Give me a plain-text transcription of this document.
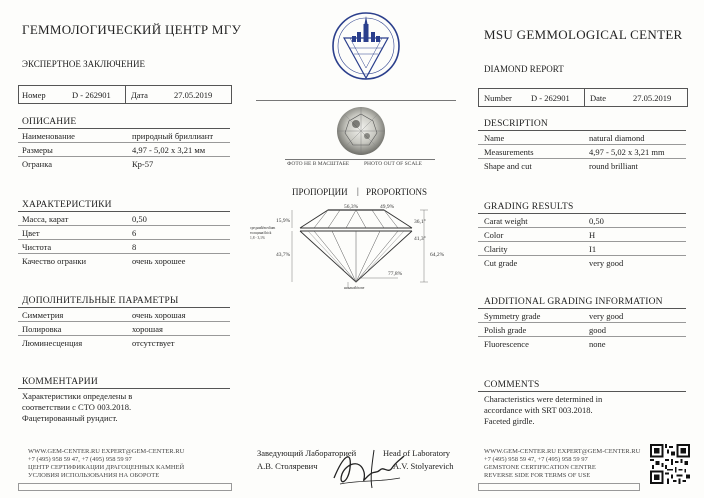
ГЕММОЛОГИЧЕСКИЙ ЦЕНТР МГУ
ЭКСПЕРТНОЕ ЗАКЛЮЧЕНИЕ
Номер	D - 262901 Дата	27.05.2019
ОПИСАНИЕ
Наименование	природный бриллиант
Размеры	4,97 - 5,02 x 3,21 мм
Огранка	Кр-57
ХАРАКТЕРИСТИКИ
Масса, карат	0,50
Цвет	6
Чистота	8
Качество огранки	очень хорошее
ДОПОЛНИТЕЛЬНЫЕ ПАРАМЕТРЫ
Симметрия	очень хорошая
Полировка	хорошая
Люминесценция	отсутствует
КОММЕНТАРИИ
Характеристики определены в
соответствии с СТО 003.2018.
Фацетированный рундист.
WWW.GEM-CENTER.RU EXPERT@GEM-CENTER.RU
+7 (495) 958 59 47, +7 (495) 958 59 97
ЦЕНТР СЕРТИФИКАЦИИ ДРАГОЦЕННЫХ КАМНЕЙ
УСЛОВИЯ ИСПОЛЬЗОВАНИЯ НА ОБОРОТЕ
ФОТО НЕ В МАСШТАБЕ	PHOTO OUT OF SCALE
ПРОПОРЦИИ | PROPORTIONS
56,3%	49,9%
15,9%	36,1°
41,3°
64,2%
43,7%
77,8%
средний/medium
толщина/thick
1,8 - 3,1%
никакой/none
Заведующий Лабораторией	Head of Laboratory
А.В. Столяревич	A.V. Stolyarevich
MSU GEMMOLOGICAL CENTER
DIAMOND REPORT
Number D - 262901 Date	27.05.2019
DESCRIPTION
Name	natural diamond
Measurements	4,97 - 5,02 x 3,21 mm
Shape and cut	round brilliant
GRADING RESULTS
Carat weight	0,50
Color	H
Clarity	I1
Cut grade	very good
ADDITIONAL GRADING INFORMATION
Symmetry grade	very good
Polish grade	good
Fluorescence	none
COMMENTS
Characteristics were determined in
accordance with SRT 003.2018.
Faceted girdle.
WWW.GEM-CENTER.RU EXPERT@GEM-CENTER.RU
+7 (495) 958 59 47, +7 (495) 958 59 97
GEMSTONE CERTIFICATION CENTRE
REVERSE SIDE FOR TERMS OF USE
